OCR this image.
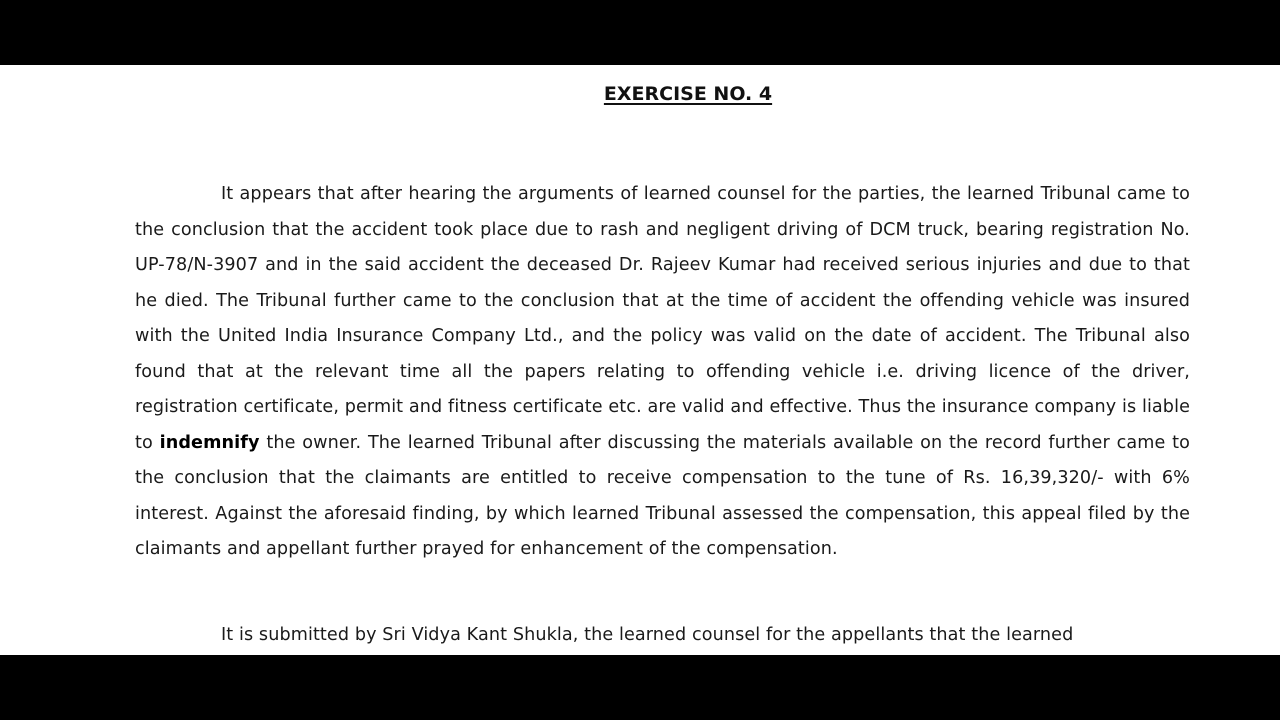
EXERCISE NO. 4

It appears that after hearing the arguments of learned counsel for the parties, the learned Tribunal came to the conclusion that the accident took place due to rash and negligent driving of DCM truck, bearing registration No. UP-78/N-3907 and in the said accident the deceased Dr. Rajeev Kumar had received serious injuries and due to that he died. The Tribunal further came to the conclusion that at the time of accident the offending vehicle was insured with the United India Insurance Company Ltd., and the policy was valid on the date of accident. The Tribunal also found that at the relevant time all the papers relating to offending vehicle i.e. driving licence of the driver, registration certificate, permit and fitness certificate etc. are valid and effective. Thus the insurance company is liable to indemnify the owner. The learned Tribunal after discussing the materials available on the record further came to the conclusion that the claimants are entitled to receive compensation to the tune of Rs. 16,39,320/- with 6% interest. Against the aforesaid finding, by which learned Tribunal assessed the compensation, this appeal filed by the claimants and appellant further prayed for enhancement of the compensation.

It is submitted by Sri Vidya Kant Shukla, the learned counsel for the appellants that the learned
